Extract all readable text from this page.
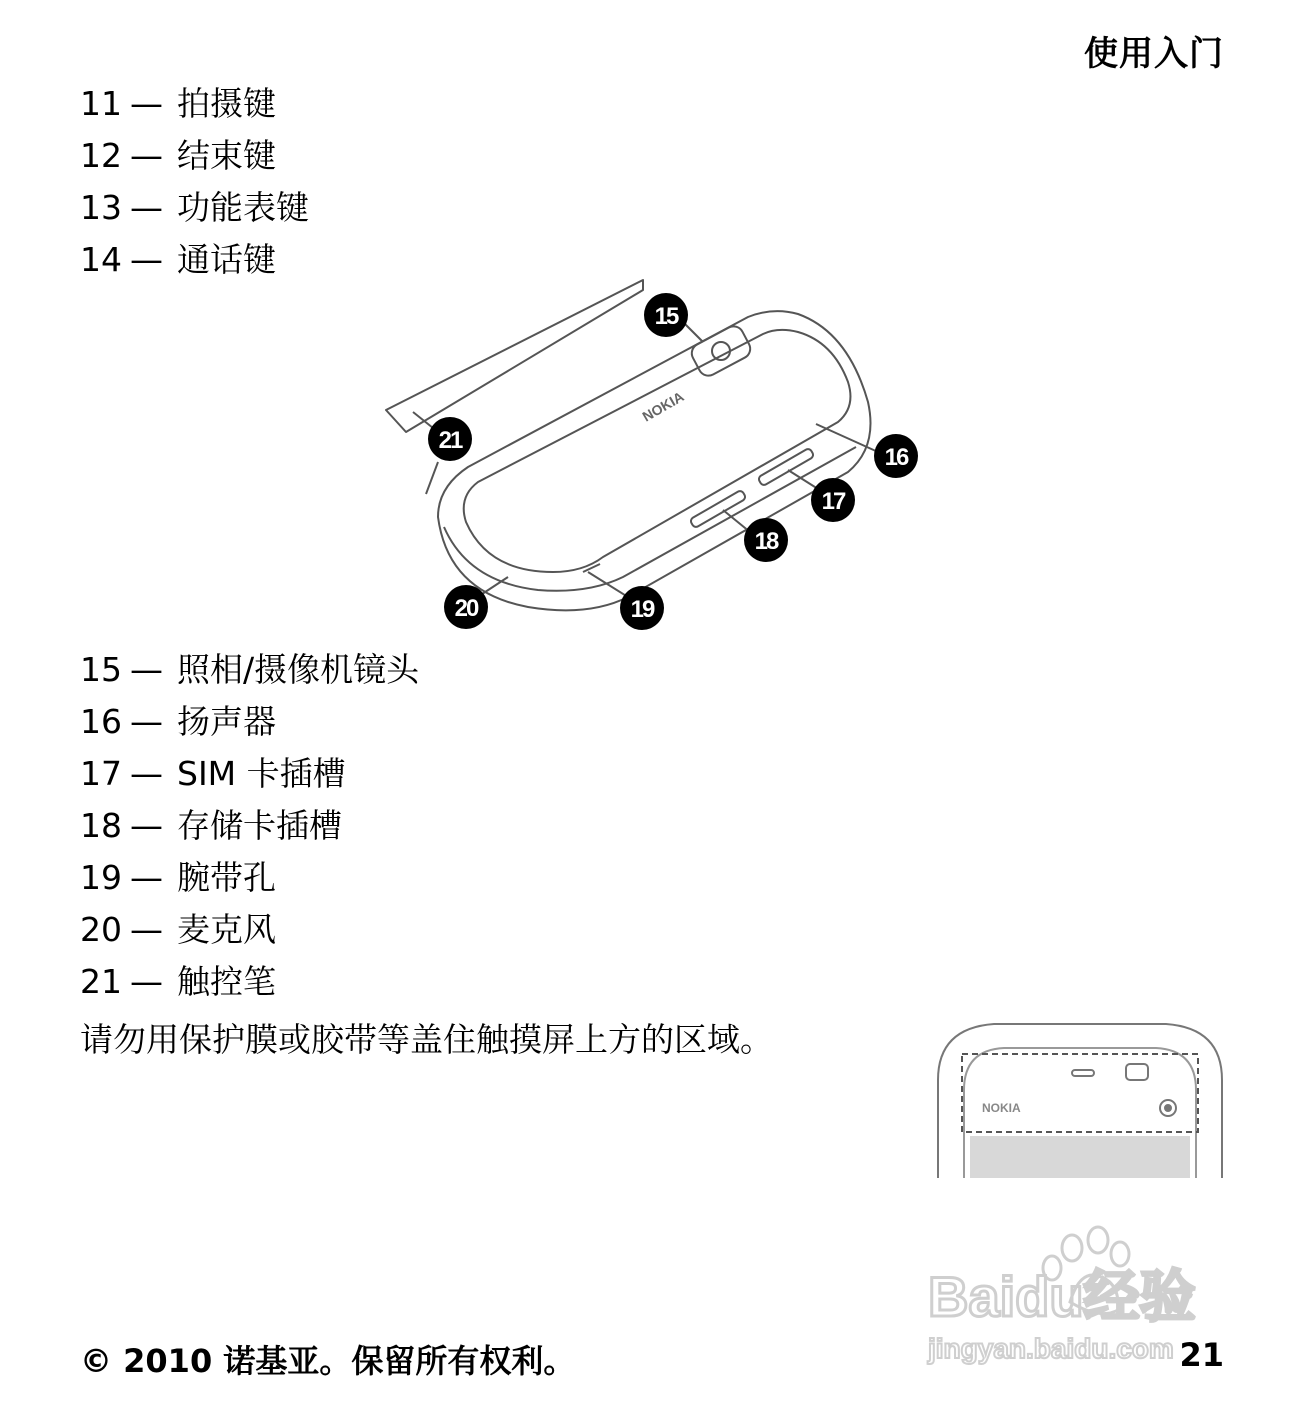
使用入门
11 — 拍摄键
12 — 结束键
13 — 功能表键
14 — 通话键
NOKIA
15
16
17
18
19
20
21
15 — 照相/摄像机镜头
16 — 扬声器
17 — SIM 卡插槽
18 — 存储卡插槽
19 — 腕带孔
20 — 麦克风
21 — 触控笔
请勿用保护膜或胶带等盖住触摸屏上方的区域。
NOKIA
Baidu经验
jingyan.baidu.com
© 2010 诺基亚。保留所有权利。	21
